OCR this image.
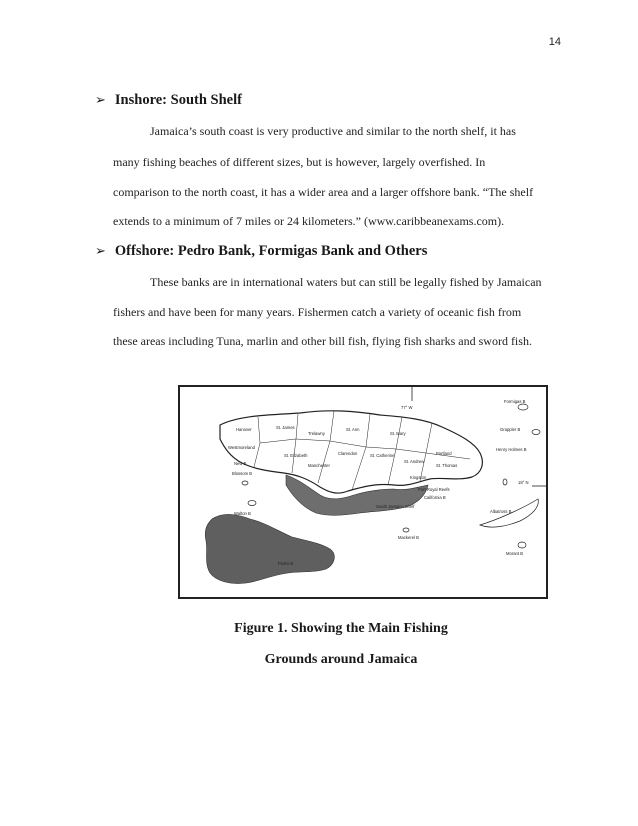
14
➢ Inshore: South Shelf
Jamaica’s south coast is very productive and similar to the north shelf, it has
many fishing beaches of different sizes, but is however, largely overfished. In
comparison to the north coast, it has a wider area and a larger offshore bank. “The shelf
extends to a minimum of 7 miles or 24 kilometers.” (www.caribbeanexams.com).
➢ Offshore: Pedro Bank, Formigas Bank and Others
These banks are in international waters but can still be legally fished by Jamaican
fishers and have been for many years. Fishermen catch a variety of oceanic fish from
these areas including Tuna, marlin and other bill fish, flying fish sharks and sword fish.
77° W
18° N
South Jamaica Shelf
Pedro B
Formigas B
Grappler B
Henry Holmes B
Hanover	St. James
Trelawny
St. Ann
St. Mary
Westmoreland
Portland
St. Elizabeth
Manchester
Clarendon	St. Catherine
St. Andrew
St. Thomas
Kingston
Port Royal Reefs
California B
New B
Blossom B
Walton B	Albatross B
Morant B
Mackerel B
Figure 1. Showing the Main Fishing
Grounds around Jamaica
